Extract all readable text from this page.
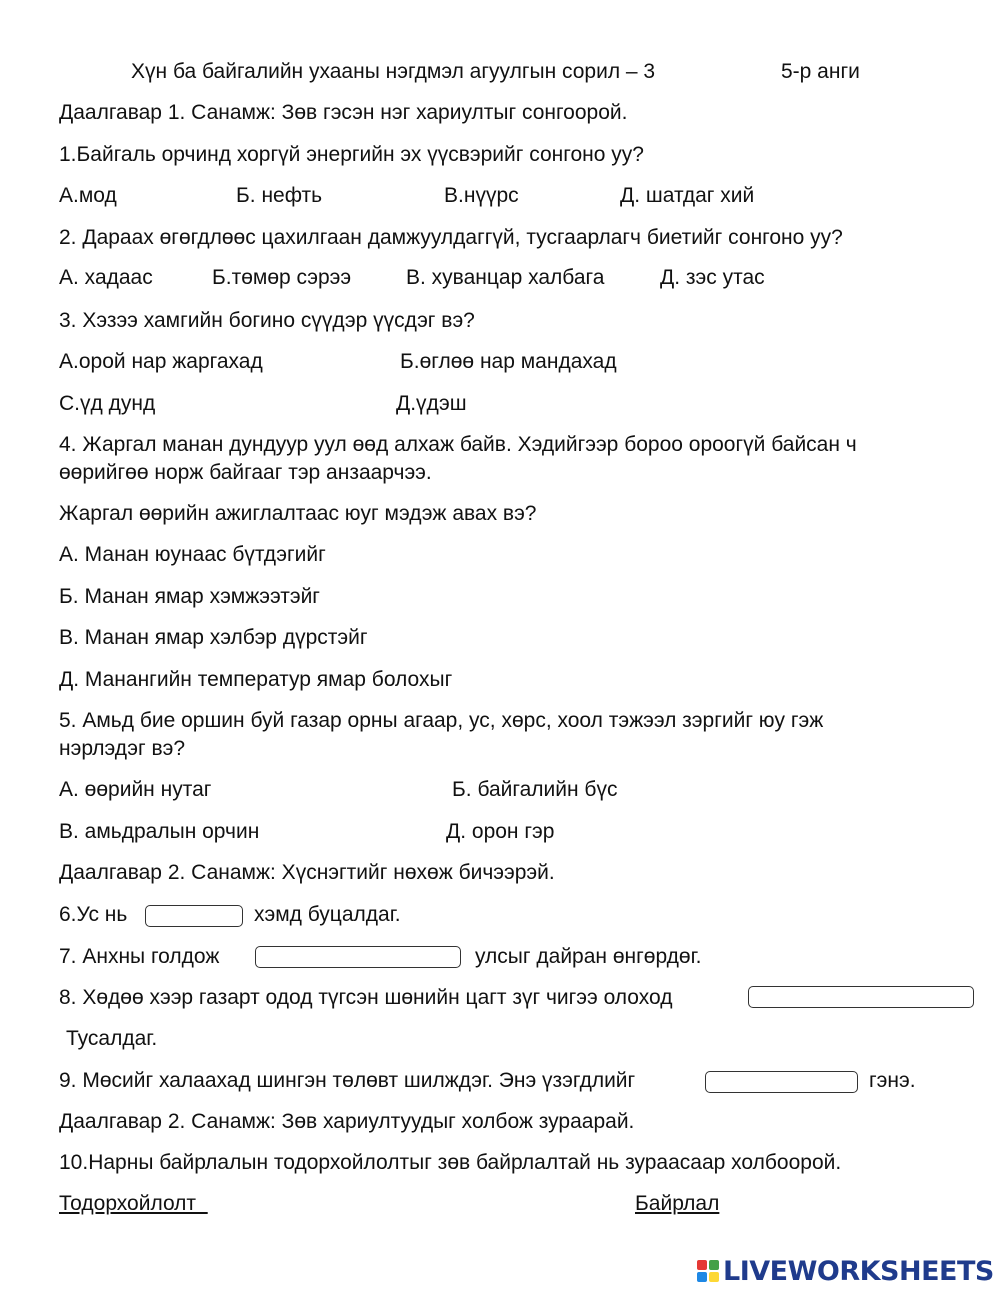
Хүн ба байгалийн ухааны нэгдмэл агуулгын сорил – 3	5-р анги
Даалгавар 1. Санамж: Зөв гэсэн нэг хариултыг сонгоорой.
1.Байгаль орчинд хоргүй энергийн эх үүсвэрийг сонгоно уу?
А.мод	Б. нефть	В.нүүрс	Д. шатдаг хий
2. Дараах өгөгдлөөс цахилгаан дамжуулдаггүй, тусгаарлагч биетийг сонгоно уу?
А. хадаас	Б.төмөр сэрээ	В. хуванцар халбага	Д. зэс утас
3. Хэзээ хамгийн богино сүүдэр үүсдэг вэ?
А.орой нар жаргахад	Б.өглөө нар мандахад
С.үд дунд	Д.үдэш
4. Жаргал манан дундуур уул өөд алхаж байв. Хэдийгээр бороо ороогүй байсан ч
өөрийгөө норж байгааг тэр анзаарчээ.
Жаргал өөрийн ажиглалтаас юуг мэдэж авах вэ?
А. Манан юунаас бүтдэгийг
Б. Манан ямар хэмжээтэйг
В. Манан ямар хэлбэр дүрстэйг
Д. Манангийн температур ямар болохыг
5. Амьд бие оршин буй газар орны агаар, ус, хөрс, хоол тэжээл зэргийг юу гэж
нэрлэдэг вэ?
А. өөрийн нутаг	Б. байгалийн бүс
В. амьдралын орчин	Д. орон гэр
Даалгавар 2. Санамж: Хүснэгтийг нөхөж бичээрэй.
6.Ус нь	хэмд буцалдаг.
7. Анхны голдож	улсыг дайран өнгөрдөг.
8. Хөдөө хээр газарт одод түгсэн шөнийн цагт зүг чигээ олоход
Тусалдаг.
9. Мөсийг халаахад шингэн төлөвт шилждэг. Энэ үзэгдлийг	гэнэ.
Даалгавар 2. Санамж: Зөв хариултуудыг холбож зураарай.
10.Нарны байрлалын тодорхойлолтыг зөв байрлалтай нь зураасаар холбоорой.
Тодорхойлолт	Байрлал
LIVEWORKSHEETS
